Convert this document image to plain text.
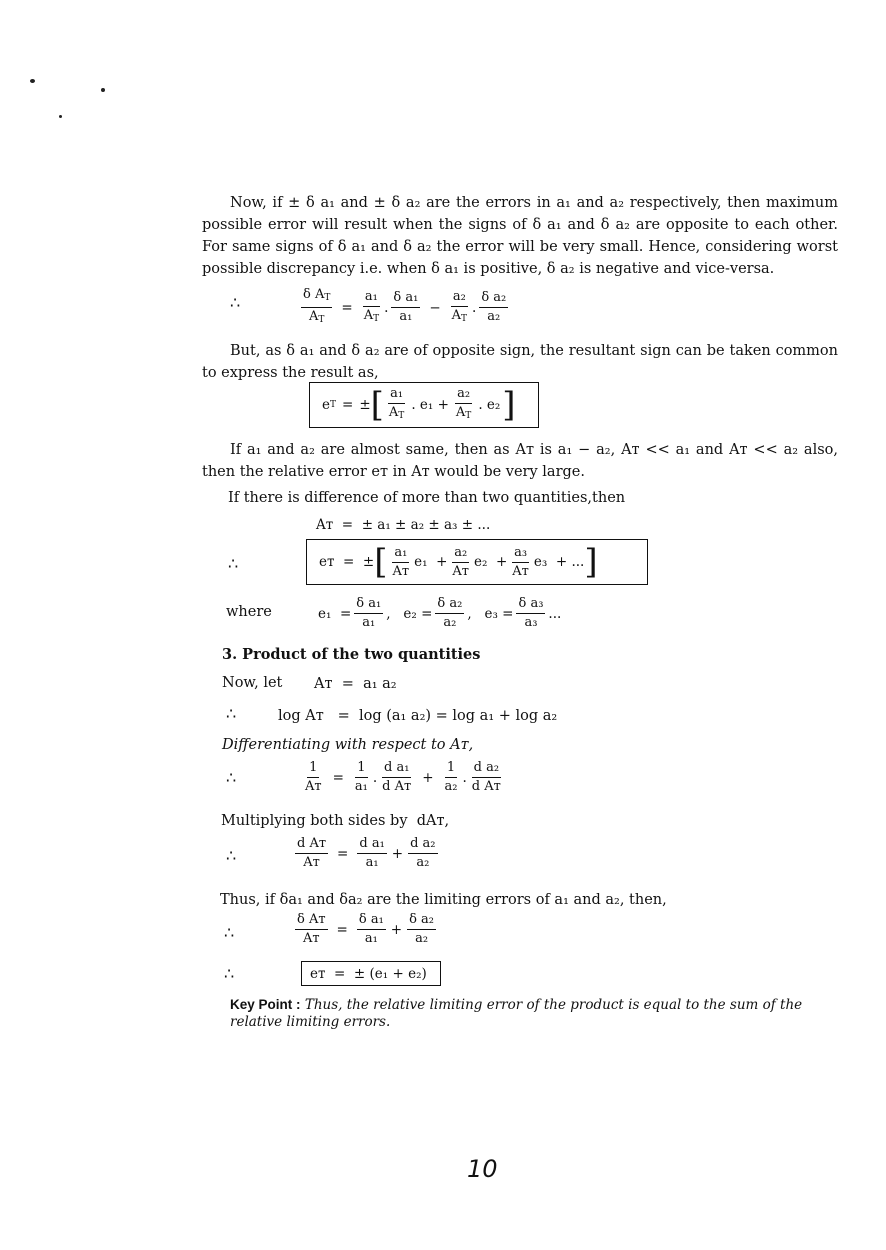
Now, if ± δ a₁ and ± δ a₂ are the errors in a₁ and a₂ respectively, then maximum possible error will result when the signs of δ a₁ and δ a₂ are opposite to each other. For same signs of δ a₁ and δ a₂ the error will be very small. Hence, considering worst possible discrepancy i.e. when δ a₁ is positive, δ a₂ is negative and vice-versa.
∴	$\frac{\delta A_T}{A_T} = \frac{\text{a₁}}{A_T}$ . $\frac{\text{δ a₁}}{\text{a₁}} - \frac{\text{a₂}}{A_T}$ . $\frac{\text{δ a₂}}{\text{a₂}}$
But, as δ a₁ and δ a₂ are of opposite sign, the resultant sign can be taken common to express the result as,
e T = ± [ $\frac{\text{a₁}}{A_T}$ . $e_1 + \frac{\text{a₂}}{A_T}$ . e₂ ]
If a₁ and a₂ are almost same, then as Aᴛ is a₁ − a₂, Aᴛ << a₁ and Aᴛ << a₂ also, then the relative error eᴛ in Aᴛ would be very large.
If there is difference of more than two quantities,then
Aᴛ  =  ± a₁ ± a₂ ± a₃ ± ...
∴	eᴛ  =  ± [ $\frac{\text{a₁}}{\text{Aᴛ}} e_1 + \frac{\text{a₂}}{\text{Aᴛ}} e_2 + \frac{\text{a₃}}{\text{Aᴛ}} e_3$  + ... ]
where	$e_1 = \frac{\text{δ a₁}}{\text{a₁}}$ ,   $e_2 = \frac{\text{δ a₂}}{\text{a₂}}$ ,   $e_3 = \frac{\text{δ a₃}}{\text{a₃}}$ ...
3. Product of the two quantities
Now, let Aᴛ  =  a₁ a₂
∴	log Aᴛ   =  log (a₁ a₂) = log a₁ + log a₂
Differentiating with respect to Aᴛ,
∴	$\frac{1}{\text{Aᴛ}} = \frac{1}{\text{a₁}}$ . $\frac{\text{d a₁}}{\text{d Aᴛ}} + \frac{1}{\text{a₂}}$ . $\frac{\text{d a₂}}{\text{d Aᴛ}}$
Multiplying both sides by  dAᴛ,
∴	$\frac{\text{d Aᴛ}}{\text{Aᴛ}} = \frac{\text{d a₁}}{\text{a₁}} + \frac{\text{d a₂}}{\text{a₂}}$
Thus, if δa₁ and δa₂ are the limiting errors of a₁ and a₂, then,
∴	$\frac{\text{δ Aᴛ}}{\text{Aᴛ}} = \frac{\text{δ a₁}}{\text{a₁}} + \frac{\text{δ a₂}}{\text{a₂}}$
∴	eᴛ  =  ± (e₁ + e₂)
Key Point : Thus, the relative limiting error of the product is equal to the sum of the relative limiting errors.
10
